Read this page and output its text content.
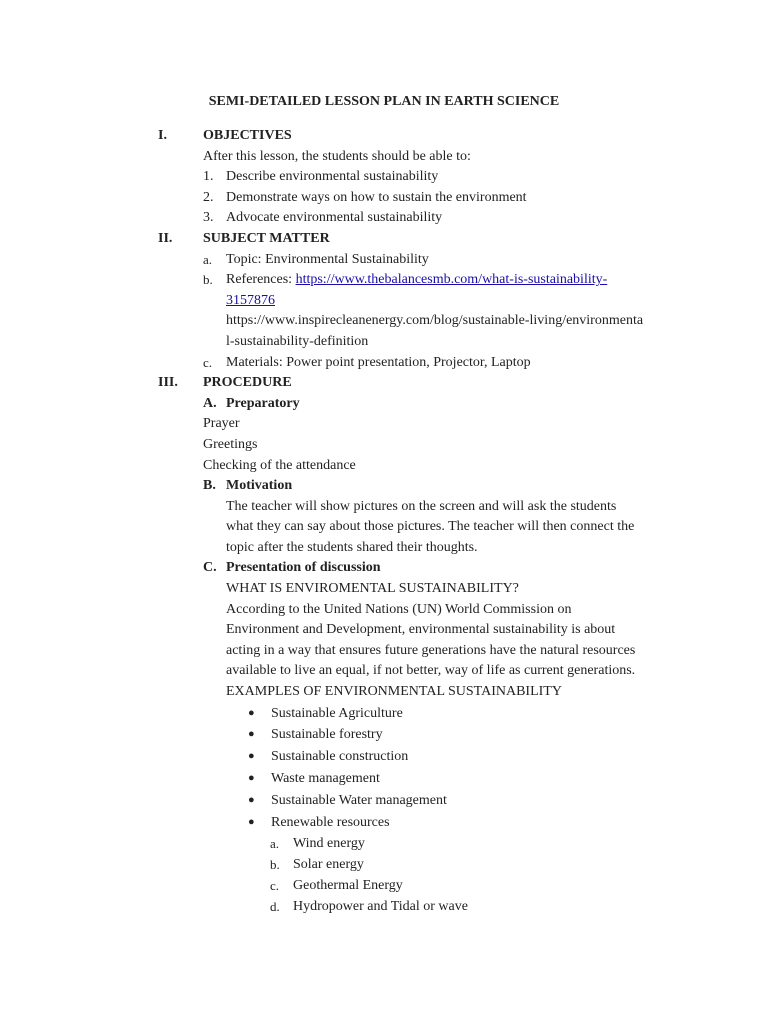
SEMI-DETAILED LESSON PLAN IN EARTH SCIENCE
I.	OBJECTIVES
After this lesson, the students should be able to:
1. Describe environmental sustainability
2. Demonstrate ways on how to sustain the environment
3. Advocate environmental sustainability
II. SUBJECT MATTER
a. Topic: Environmental Sustainability
b. References: https://www.thebalancesmb.com/what-is-sustainability-
3157876
https://www.inspirecleanenergy.com/blog/sustainable-living/environmenta
l-sustainability-definition
c. Materials: Power point presentation, Projector, Laptop
III. PROCEDURE
A. Preparatory
Prayer
Greetings
Checking of the attendance
B. Motivation
The teacher will show pictures on the screen and will ask the students
what they can say about those pictures. The teacher will then connect the
topic after the students shared their thoughts.
C. Presentation of discussion
WHAT IS ENVIROMENTAL SUSTAINABILITY?
According to the United Nations (UN) World Commission on
Environment and Development, environmental sustainability is about
acting in a way that ensures future generations have the natural resources
available to live an equal, if not better, way of life as current generations.
EXAMPLES OF ENVIRONMENTAL SUSTAINABILITY
● Sustainable Agriculture
● Sustainable forestry
● Sustainable construction
● Waste management
● Sustainable Water management
● Renewable resources
a. Wind energy
b. Solar energy
c. Geothermal Energy
d. Hydropower and Tidal or wave
